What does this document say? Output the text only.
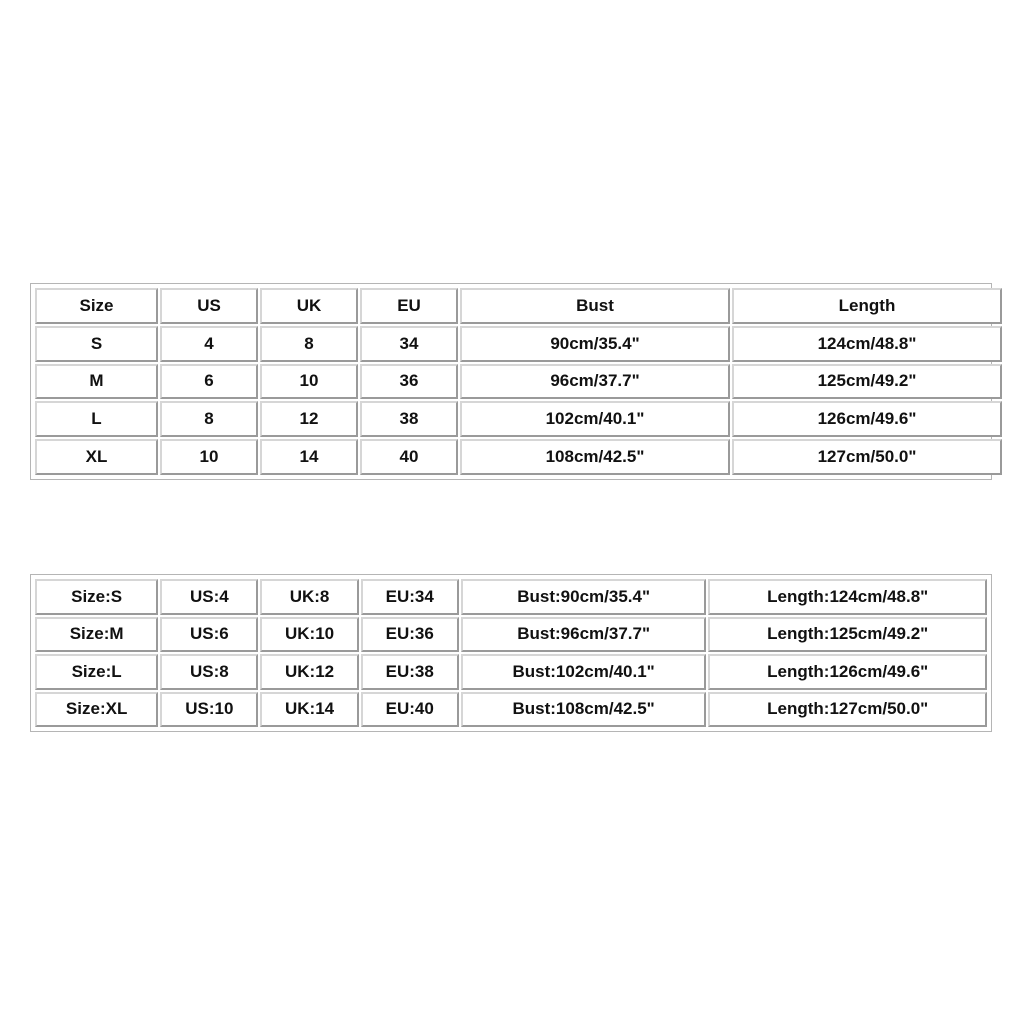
Size	US	UK	EU	Bust	Length
S	4	8	34	90cm/35.4"	124cm/48.8"
M	6	10	36	96cm/37.7"	125cm/49.2"
L	8	12	38	102cm/40.1"	126cm/49.6"
XL	10	14	40	108cm/42.5"	127cm/50.0"
Size:S	US:4	UK:8	EU:34	Bust:90cm/35.4"	Length:124cm/48.8"
Size:M	US:6	UK:10	EU:36	Bust:96cm/37.7"	Length:125cm/49.2"
Size:L	US:8	UK:12	EU:38	Bust:102cm/40.1"	Length:126cm/49.6"
Size:XL	US:10	UK:14	EU:40	Bust:108cm/42.5"	Length:127cm/50.0"
